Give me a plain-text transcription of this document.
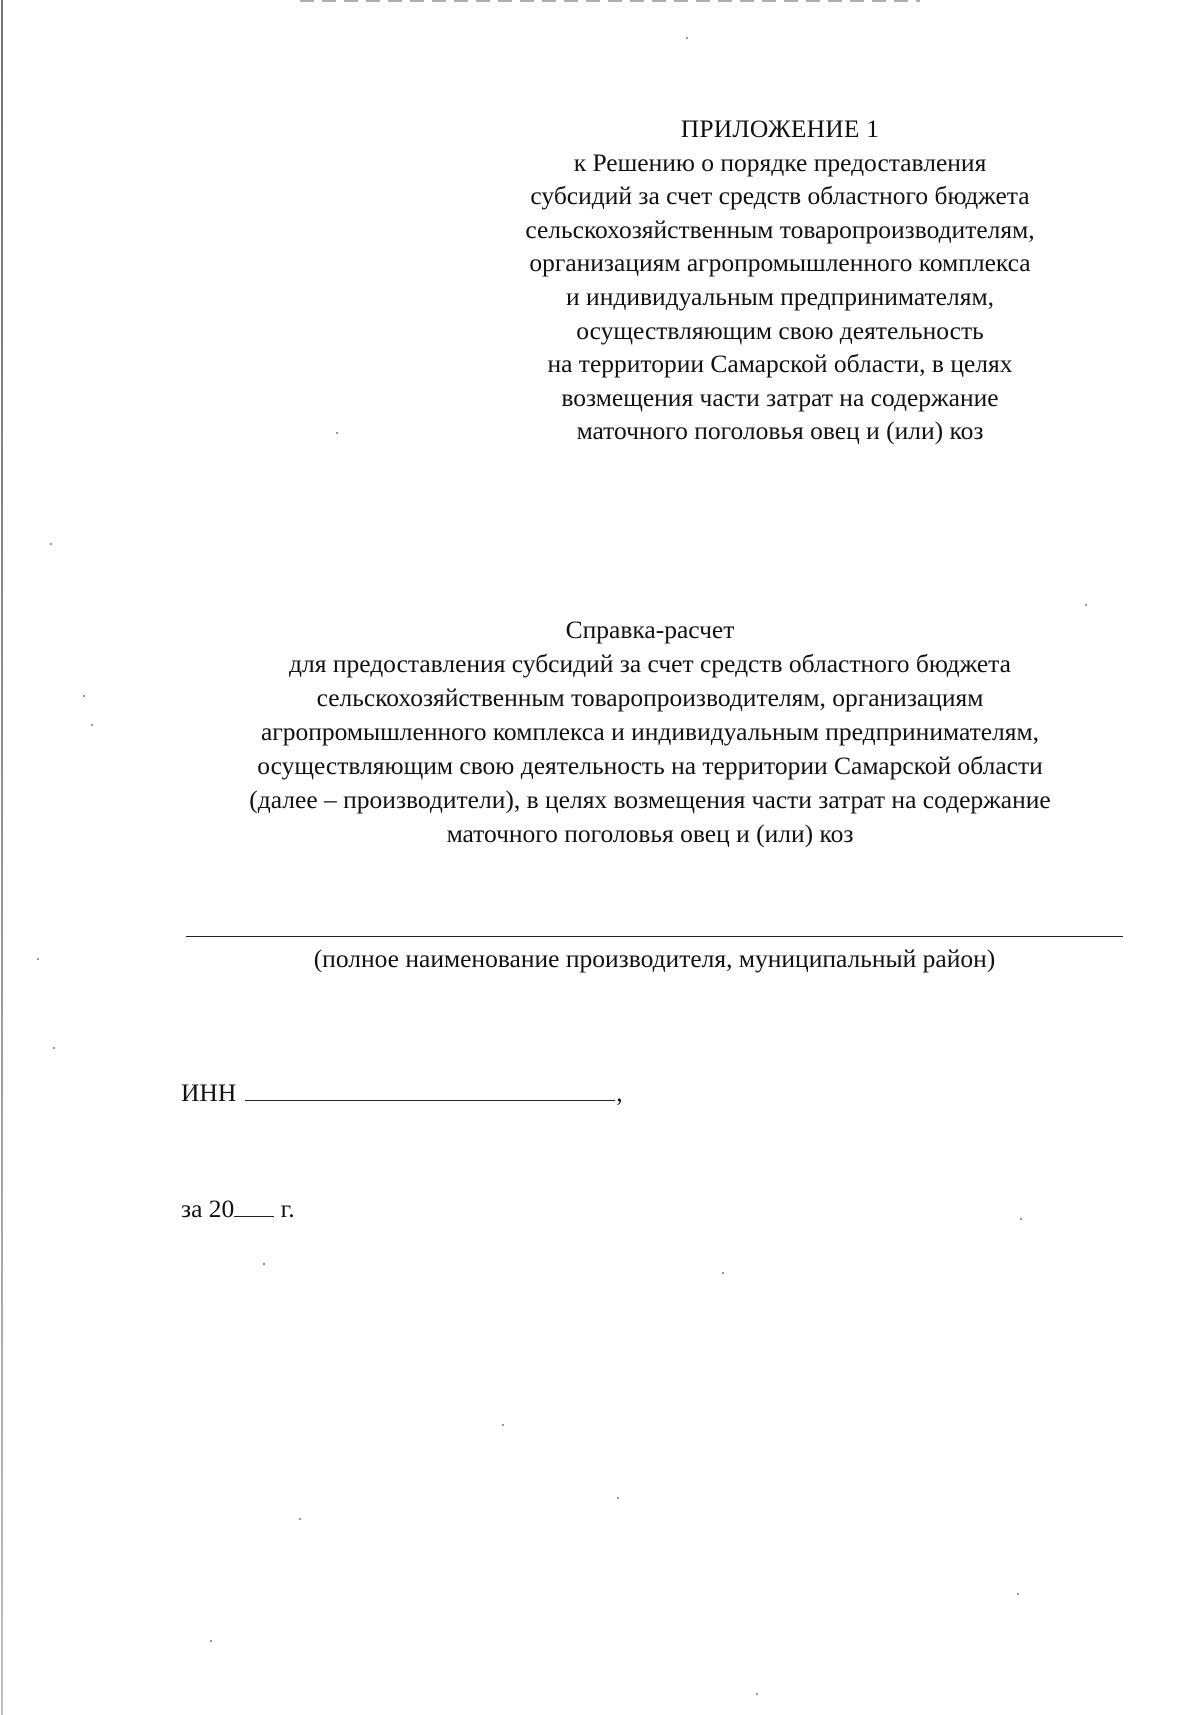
ПРИЛОЖЕНИЕ 1
к Решению о порядке предоставления
субсидий за счет средств областного бюджета
сельскохозяйственным товаропроизводителям,
организациям агропромышленного комплекса
и индивидуальным предпринимателям,
осуществляющим свою деятельность
на территории Самарской области, в целях
возмещения части затрат на содержание
маточного поголовья овец и (или) коз
Справка-расчет
для предоставления субсидий за счет средств областного бюджета
сельскохозяйственным товаропроизводителям, организациям
агропромышленного комплекса и индивидуальным предпринимателям,
осуществляющим свою деятельность на территории Самарской области
(далее – производители), в целях возмещения части затрат на содержание
маточного поголовья овец и (или) коз
(полное наименование производителя, муниципальный район)
ИНН	,
за 20 г.
